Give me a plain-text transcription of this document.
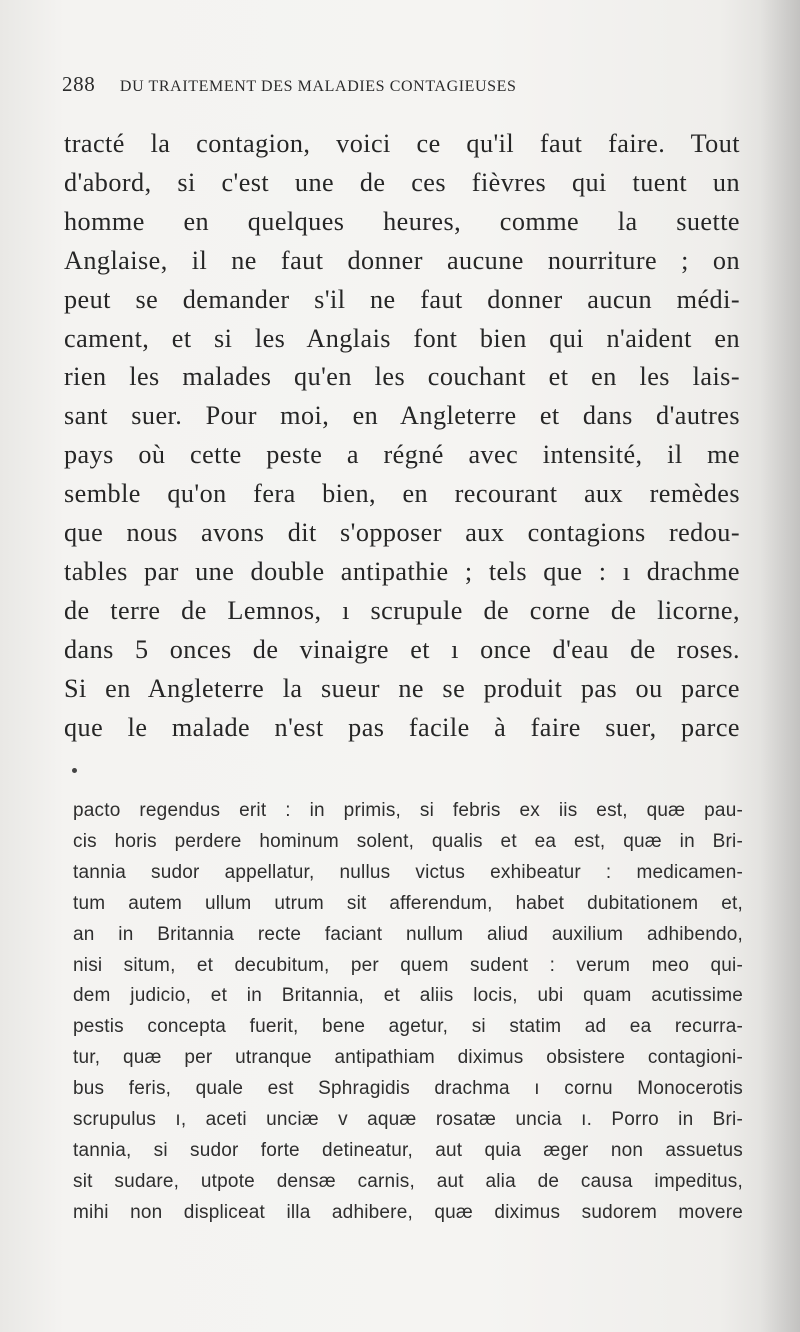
288 DU TRAITEMENT DES MALADIES CONTAGIEUSES
tracté la contagion, voici ce qu'il faut faire. Tout
d'abord, si c'est une de ces fièvres qui tuent un
homme en quelques heures, comme la suette
Anglaise, il ne faut donner aucune nourriture ; on
peut se demander s'il ne faut donner aucun médi-
cament, et si les Anglais font bien qui n'aident en
rien les malades qu'en les couchant et en les lais-
sant suer. Pour moi, en Angleterre et dans d'autres
pays où cette peste a régné avec intensité, il me
semble qu'on fera bien, en recourant aux remèdes
que nous avons dit s'opposer aux contagions redou-
tables par une double antipathie ; tels que : ı drachme
de terre de Lemnos, ı scrupule de corne de licorne,
dans 5 onces de vinaigre et ı once d'eau de roses.
Si en Angleterre la sueur ne se produit pas ou parce
que le malade n'est pas facile à faire suer, parce
pacto regendus erit : in primis, si febris ex iis est, quæ pau-
cis horis perdere hominum solent, qualis et ea est, quæ in Bri-
tannia sudor appellatur, nullus victus exhibeatur : medicamen-
tum autem ullum utrum sit afferendum, habet dubitationem et,
an in Britannia recte faciant nullum aliud auxilium adhibendo,
nisi situm, et decubitum, per quem sudent : verum meo qui-
dem judicio, et in Britannia, et aliis locis, ubi quam acutissime
pestis concepta fuerit, bene agetur, si statim ad ea recurra-
tur, quæ per utranque antipathiam diximus obsistere contagioni-
bus feris, quale est Sphragidis drachma ı cornu Monocerotis
scrupulus ı, aceti unciæ v aquæ rosatæ uncia ı. Porro in Bri-
tannia, si sudor forte detineatur, aut quia æger non assuetus
sit sudare, utpote densæ carnis, aut alia de causa impeditus,
mihi non displiceat illa adhibere, quæ diximus sudorem movere
